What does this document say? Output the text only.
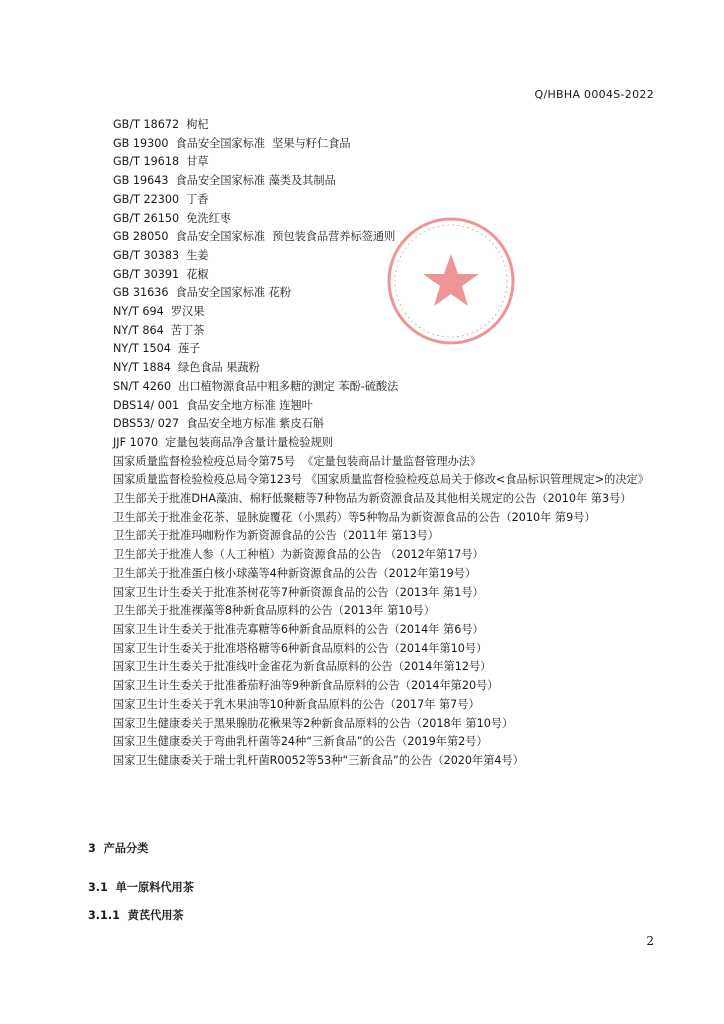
Q/HBHA 0004S-2022
GB/T 18672  枸杞
GB 19300  食品安全国家标准  坚果与籽仁食品
GB/T 19618  甘草
GB 19643  食品安全国家标准 藻类及其制品
GB/T 22300  丁香
GB/T 26150  免洗红枣
GB 28050  食品安全国家标准  预包装食品营养标签通则
GB/T 30383  生姜
GB/T 30391  花椒
GB 31636  食品安全国家标准 花粉
NY/T 694  罗汉果
NY/T 864  苦丁茶
NY/T 1504  莲子
NY/T 1884  绿色食品 果蔬粉
SN/T 4260  出口植物源食品中粗多糖的测定 苯酚-硫酸法
DBS14/ 001  食品安全地方标准 连翘叶
DBS53/ 027  食品安全地方标准 紫皮石斛
JJF 1070  定量包装商品净含量计量检验规则
国家质量监督检验检疫总局令第75号  《定量包装商品计量监督管理办法》
国家质量监督检验检疫总局令第123号 《国家质量监督检验检疫总局关于修改<食品标识管理规定>的决定》
卫生部关于批准DHA藻油、棉籽低聚糖等7种物品为新资源食品及其他相关规定的公告（2010年 第3号）
卫生部关于批准金花茶、显脉旋覆花（小黑药）等5种物品为新资源食品的公告（2010年 第9号）
卫生部关于批准玛咖粉作为新资源食品的公告（2011年 第13号）
卫生部关于批准人参（人工种植）为新资源食品的公告 （2012年第17号）
卫生部关于批准蛋白核小球藻等4种新资源食品的公告（2012年第19号）
国家卫生计生委关于批准茶树花等7种新资源食品的公告（2013年 第1号）
卫生部关于批准裸藻等8种新食品原料的公告（2013年 第10号）
国家卫生计生委关于批准壳寡糖等6种新食品原料的公告（2014年 第6号）
国家卫生计生委关于批准塔格糖等6种新食品原料的公告（2014年第10号）
国家卫生计生委关于批准线叶金雀花为新食品原料的公告（2014年第12号）
国家卫生计生委关于批准番茄籽油等9种新食品原料的公告（2014年第20号）
国家卫生计生委关于乳木果油等10种新食品原料的公告（2017年 第7号）
国家卫生健康委关于黑果腺肋花楸果等2种新食品原料的公告（2018年 第10号）
国家卫生健康委关于弯曲乳杆菌等24种“三新食品”的公告（2019年第2号）
国家卫生健康委关于瑞士乳杆菌R0052等53种“三新食品”的公告（2020年第4号）
3  产品分类
3.1  单一原料代用茶
3.1.1  黄芪代用茶
2
